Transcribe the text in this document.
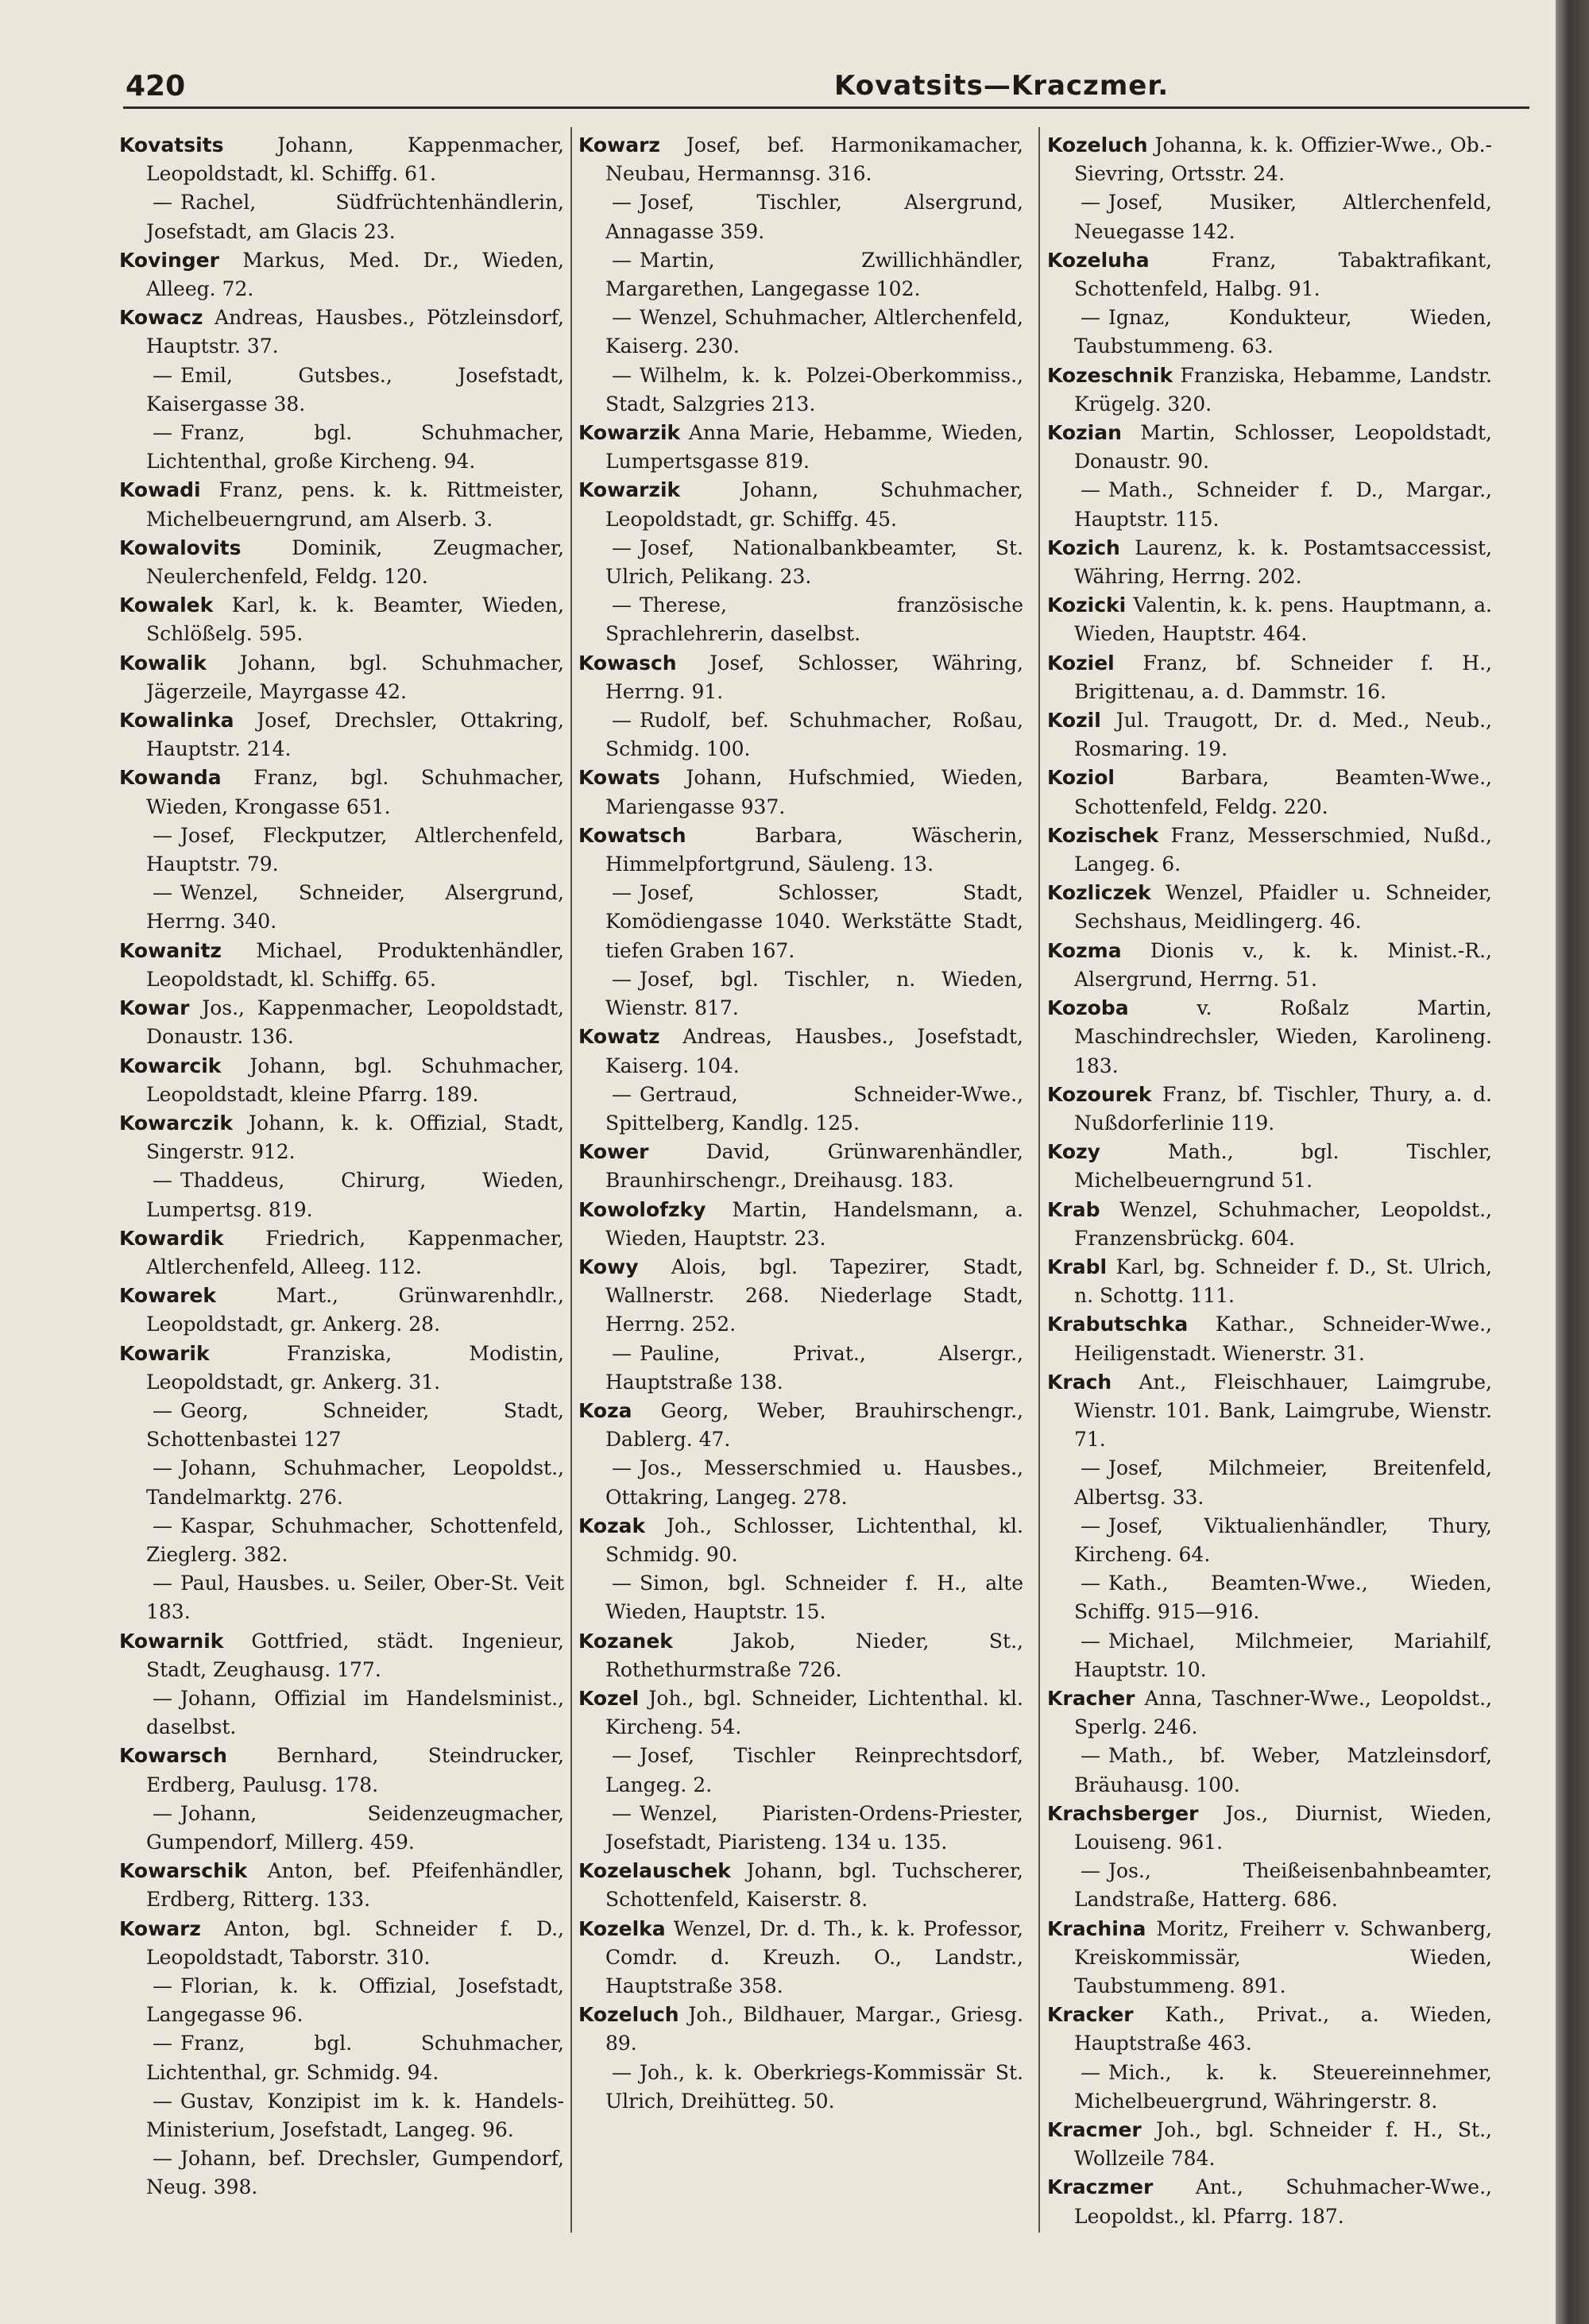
420	Kovatsits—Kraczmer.

Kovatsits	Johann, Kappenmacher, Leopoldstadt, kl. Schiffg. 61.

— Rachel, Südfrüchtenhändlerin, Josefstadt, am Glacis 23.

Kovinger Markus, Med. Dr., Wieden, Alleeg. 72.

Kowacz Andreas, Hausbes., Pötzleinsdorf, Hauptstr. 37.

— Emil, Gutsbes., Josefstadt, Kaisergasse 38.

— Franz, bgl. Schuhmacher, Lichtenthal, große Kircheng. 94.

Kowadi Franz, pens. k. k. Rittmeister, Michelbeuerngrund, am Alserb. 3.

Kowalovits	Dominik, Zeugmacher, Neulerchenfeld, Feldg. 120.

Kowalek Karl, k. k. Beamter, Wieden, Schlößelg. 595.

Kowalik Johann, bgl. Schuhmacher, Jägerzeile, Mayrgasse 42.

Kowalinka Josef, Drechsler, Ottakring, Hauptstr. 214.

Kowanda Franz, bgl. Schuhmacher, Wieden, Krongasse 651.

— Josef, Fleckputzer, Altlerchenfeld, Hauptstr. 79.

— Wenzel, Schneider, Alsergrund, Herrng. 340.

Kowanitz Michael, Produktenhändler, Leopoldstadt, kl. Schiffg. 65.

Kowar Jos., Kappenmacher, Leopoldstadt, Donaustr. 136.

Kowarcik Johann, bgl. Schuhmacher, Leopoldstadt, kleine Pfarrg. 189.

Kowarczik Johann, k. k. Offizial, Stadt, Singerstr. 912.

— Thaddeus, Chirurg, Wieden, Lumpertsg. 819.

Kowardik Friedrich, Kappenmacher, Altlerchenfeld, Alleeg. 112.

Kowarek	Mart., Grünwarenhdlr., Leopoldstadt, gr. Ankerg. 28.

Kowarik	Franziska, Modistin, Leopoldstadt, gr. Ankerg. 31.

— Georg, Schneider, Stadt, Schottenbastei 127

— Johann, Schuhmacher, Leopoldst., Tandelmarktg. 276.

— Kaspar, Schuhmacher, Schottenfeld, Zieglerg. 382.

— Paul, Hausbes. u. Seiler, Ober-St. Veit 183.

Kowarnik Gottfried, städt. Ingenieur, Stadt, Zeughausg. 177.

— Johann, Offizial im Handelsminist., daselbst.

Kowarsch Bernhard, Steindrucker, Erdberg, Paulusg. 178.

— Johann, Seidenzeugmacher, Gumpendorf, Millerg. 459.

Kowarschik Anton, bef. Pfeifenhändler, Erdberg, Ritterg. 133.

Kowarz Anton, bgl. Schneider f. D., Leopoldstadt, Taborstr. 310.

— Florian, k. k. Offizial, Josefstadt, Langegasse 96.

— Franz, bgl. Schuhmacher, Lichtenthal, gr. Schmidg. 94.

— Gustav, Konzipist im k. k. Handels-Ministerium, Josefstadt, Langeg. 96.

— Johann, bef. Drechsler, Gumpendorf, Neug. 398.

Kowarz Josef, bef. Harmonikamacher, Neubau, Hermannsg. 316.

— Josef, Tischler, Alsergrund, Annagasse 359.

— Martin, Zwillichhändler, Margarethen, Langegasse 102.

— Wenzel, Schuhmacher, Altlerchenfeld, Kaiserg. 230.

— Wilhelm, k. k. Polzei-Oberkommiss., Stadt, Salzgries 213.

Kowarzik Anna Marie, Hebamme, Wieden, Lumpertsgasse 819.

Kowarzik	Johann, Schuhmacher, Leopoldstadt, gr. Schiffg. 45.

— Josef, Nationalbankbeamter, St. Ulrich, Pelikang. 23.

— Therese, französische Sprachlehrerin, daselbst.

Kowasch Josef, Schlosser, Währing, Herrng. 91.

— Rudolf, bef. Schuhmacher, Roßau, Schmidg. 100.

Kowats Johann, Hufschmied, Wieden, Mariengasse 937.

Kowatsch	Barbara, Wäscherin, Himmelpfortgrund, Säuleng. 13.

— Josef, Schlosser, Stadt, Komödiengasse 1040. Werkstätte Stadt, tiefen Graben 167.

— Josef, bgl. Tischler, n. Wieden, Wienstr. 817.

Kowatz Andreas, Hausbes., Josefstadt, Kaiserg. 104.

— Gertraud, Schneider-Wwe., Spittelberg, Kandlg. 125.

Kower	David, Grünwarenhändler, Braunhirschengr., Dreihausg. 183.

Kowolofzky Martin, Handelsmann, a. Wieden, Hauptstr. 23.

Kowy Alois, bgl. Tapezirer, Stadt, Wallnerstr. 268. Niederlage Stadt, Herrng. 252.

— Pauline, Privat., Alsergr., Hauptstraße 138.

Koza Georg, Weber, Brauhirschengr., Dablerg. 47.

— Jos., Messerschmied u. Hausbes., Ottakring, Langeg. 278.

Kozak Joh., Schlosser, Lichtenthal, kl. Schmidg. 90.

— Simon, bgl. Schneider f. H., alte Wieden, Hauptstr. 15.

Kozanek	Jakob, Nieder, St., Rothethurmstraße 726.

Kozel Joh., bgl. Schneider, Lichtenthal. kl. Kircheng. 54.

— Josef, Tischler Reinprechtsdorf, Langeg. 2.

— Wenzel, Piaristen-Ordens-Priester, Josefstadt, Piaristeng. 134 u. 135.

Kozelauschek Johann, bgl. Tuchscherer, Schottenfeld, Kaiserstr. 8.

Kozelka Wenzel, Dr. d. Th., k. k. Professor, Comdr. d. Kreuzh. O., Landstr., Hauptstraße 358.

Kozeluch Joh., Bildhauer, Margar., Griesg. 89.

— Joh., k. k. Oberkriegs-Kommissär St. Ulrich, Dreihütteg. 50.

Kozeluch Johanna, k. k. Offizier-Wwe., Ob.-Sievring, Ortsstr. 24.

— Josef, Musiker, Altlerchenfeld, Neuegasse 142.

Kozeluha	Franz, Tabaktrafikant, Schottenfeld, Halbg. 91.

— Ignaz, Kondukteur, Wieden, Taubstummeng. 63.

Kozeschnik Franziska, Hebamme, Landstr. Krügelg. 320.

Kozian Martin, Schlosser, Leopoldstadt, Donaustr. 90.

— Math., Schneider f. D., Margar., Hauptstr. 115.

Kozich Laurenz, k. k. Postamtsaccessist, Währing, Herrng. 202.

Kozicki Valentin, k. k. pens. Hauptmann, a. Wieden, Hauptstr. 464.

Koziel Franz, bf. Schneider f. H., Brigittenau, a. d. Dammstr. 16.

Kozil Jul. Traugott, Dr. d. Med., Neub., Rosmaring. 19.

Koziol	Barbara, Beamten-Wwe., Schottenfeld, Feldg. 220.

Kozischek Franz, Messerschmied, Nußd., Langeg. 6.

Kozliczek Wenzel, Pfaidler u. Schneider, Sechshaus, Meidlingerg. 46.

Kozma Dionis v., k. k. Minist.-R., Alsergrund, Herrng. 51.

Kozoba	v. Roßalz Martin, Maschindrechsler, Wieden, Karolineng. 183.

Kozourek Franz, bf. Tischler, Thury, a. d. Nußdorferlinie 119.

Kozy	Math., bgl. Tischler, Michelbeuerngrund 51.

Krab Wenzel, Schuhmacher, Leopoldst., Franzensbrückg. 604.

Krabl Karl, bg. Schneider f. D., St. Ulrich, n. Schottg. 111.

Krabutschka Kathar., Schneider-Wwe., Heiligenstadt. Wienerstr. 31.

Krach Ant., Fleischhauer, Laimgrube, Wienstr. 101. Bank, Laimgrube, Wienstr. 71.

— Josef, Milchmeier, Breitenfeld, Albertsg. 33.

— Josef, Viktualienhändler, Thury, Kircheng. 64.

— Kath., Beamten-Wwe., Wieden, Schiffg. 915—916.

— Michael, Milchmeier, Mariahilf, Hauptstr. 10.

Kracher Anna, Taschner-Wwe., Leopoldst., Sperlg. 246.

— Math., bf. Weber, Matzleinsdorf, Bräuhausg. 100.

Krachsberger Jos., Diurnist, Wieden, Louiseng. 961.

— Jos., Theißeisenbahnbeamter, Landstraße, Hatterg. 686.

Krachina Moritz, Freiherr v. Schwanberg, Kreiskommissär, Wieden, Taubstummeng. 891.

Kracker Kath., Privat., a. Wieden, Hauptstraße 463.

— Mich., k. k. Steuereinnehmer, Michelbeuergrund, Währingerstr. 8.

Kracmer Joh., bgl. Schneider f. H., St., Wollzeile 784.

Kraczmer Ant., Schuhmacher-Wwe., Leopoldst., kl. Pfarrg. 187.
